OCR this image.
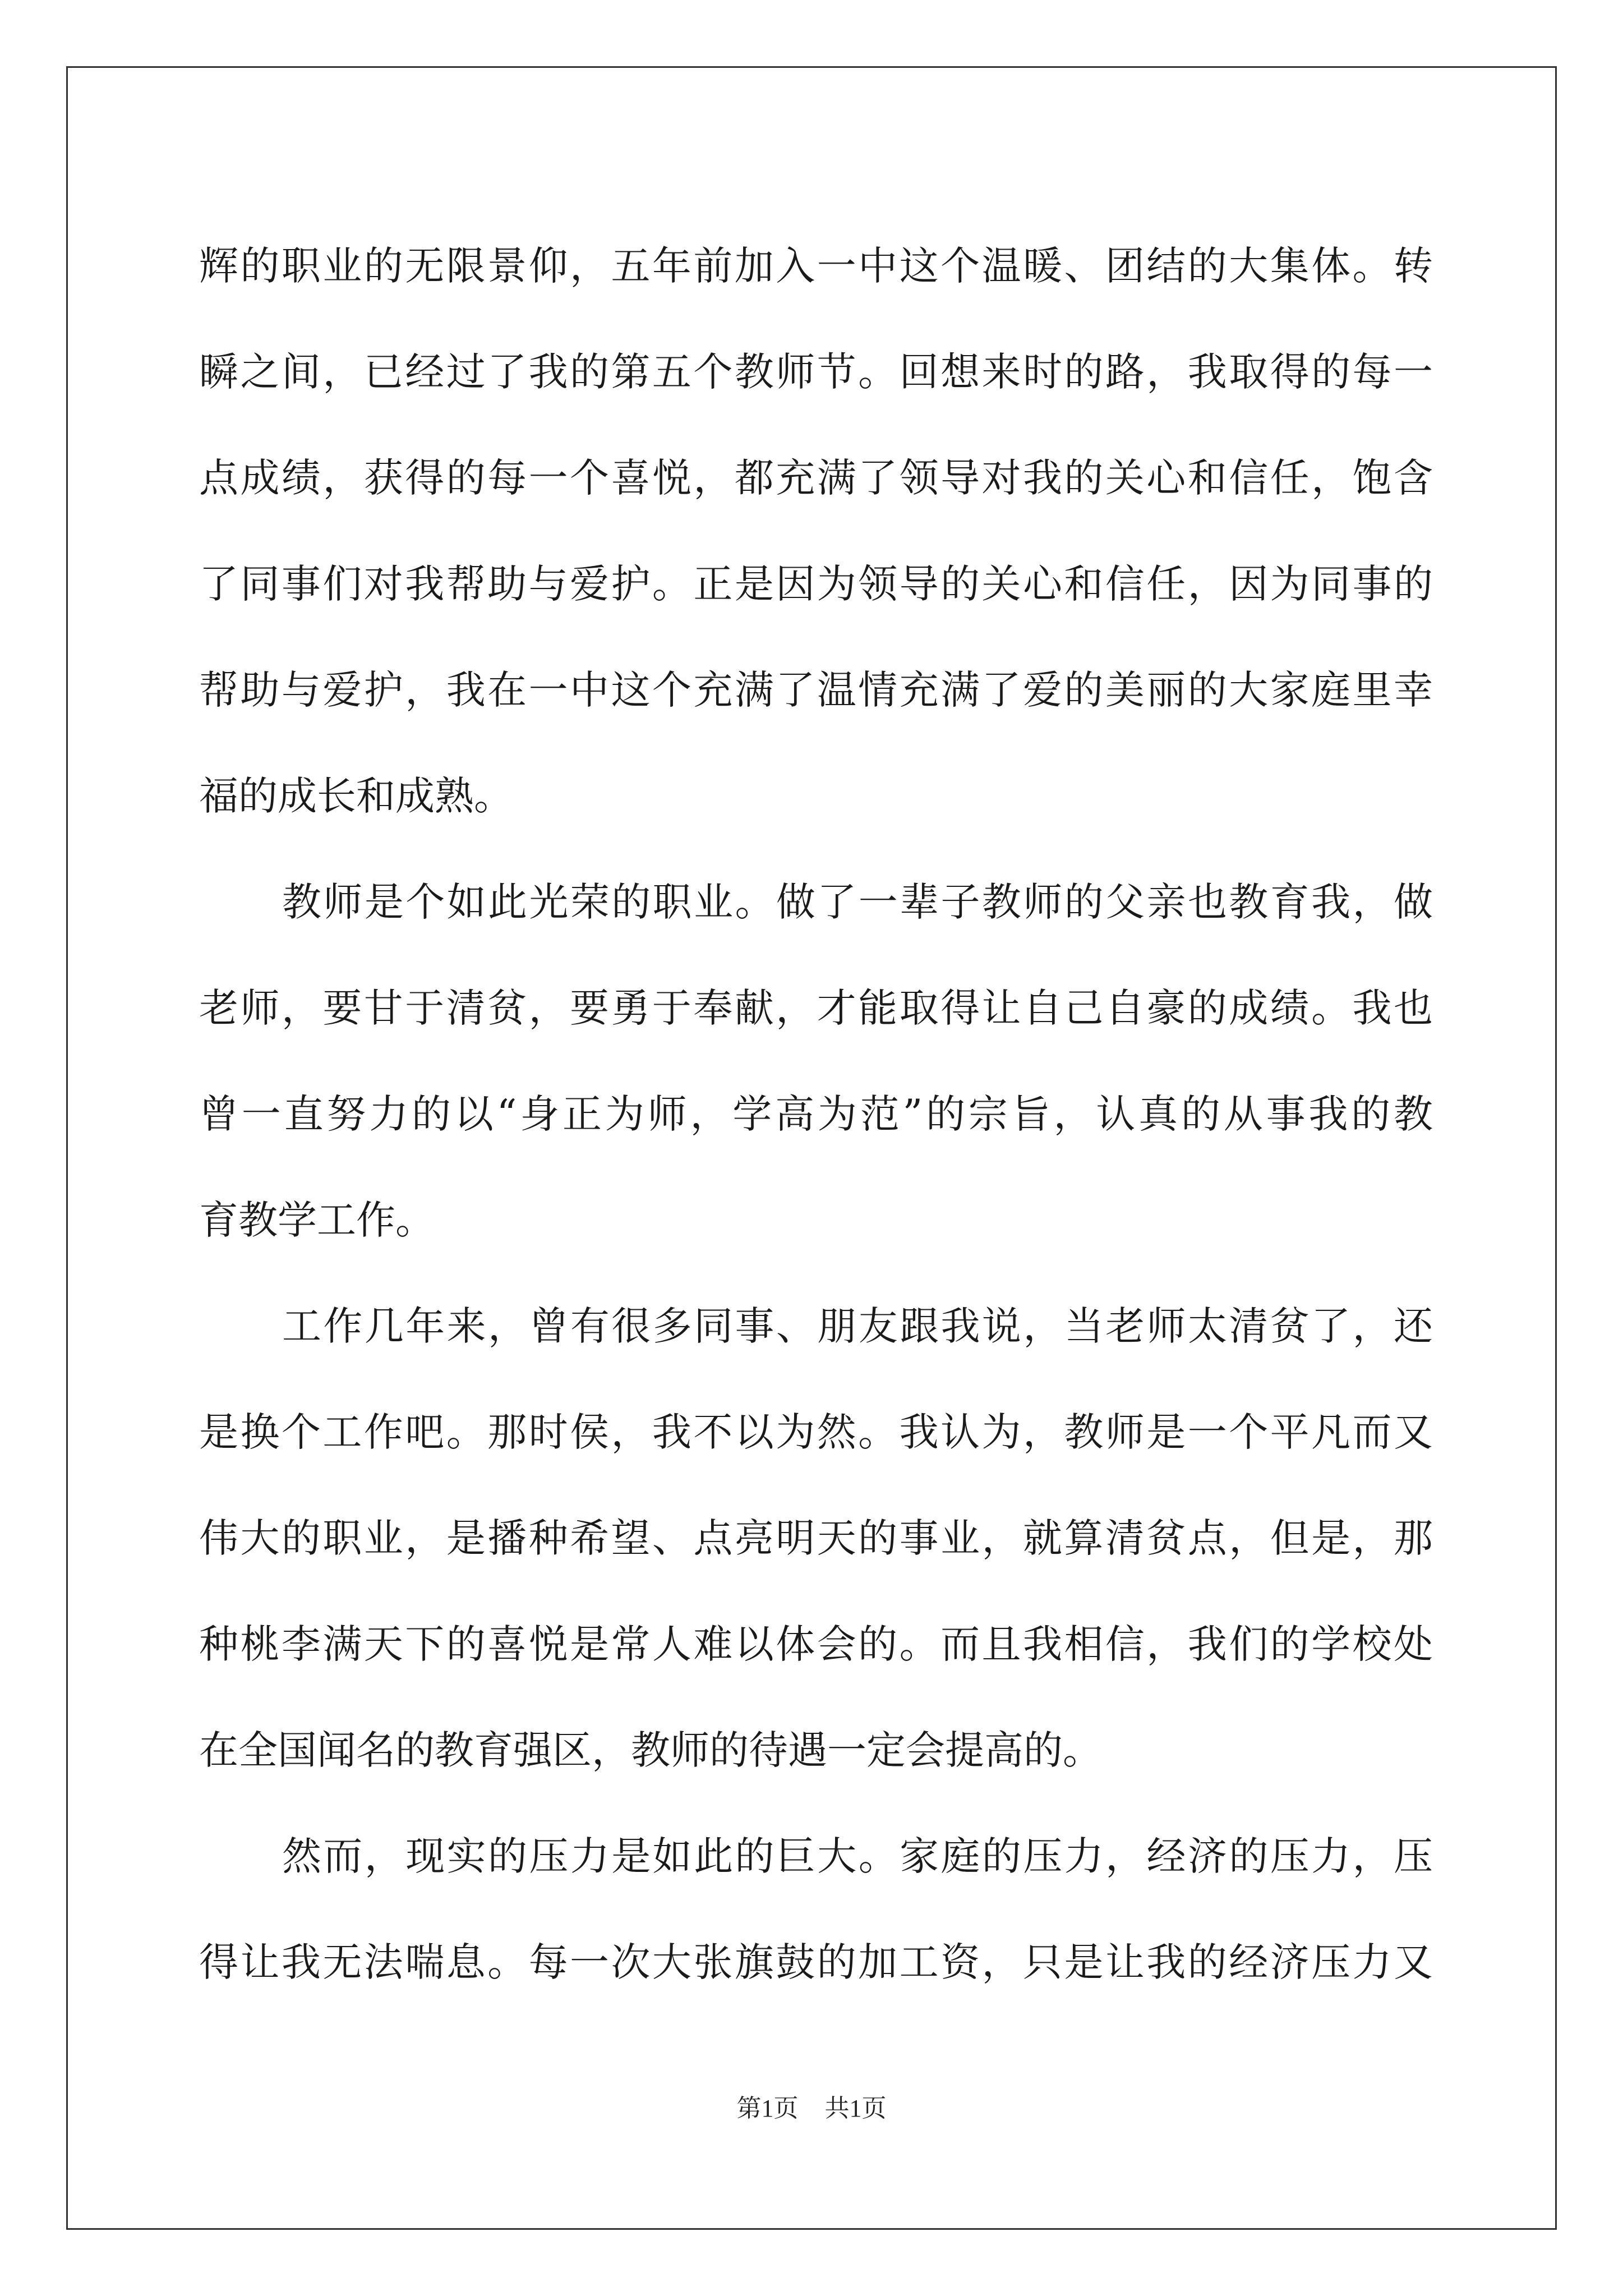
辉的职业的无限景仰，五年前加入一中这个温暖、团结的大集体。转
瞬之间，已经过了我的第五个教师节。回想来时的路，我取得的每一
点成绩，获得的每一个喜悦，都充满了领导对我的关心和信任，饱含
了同事们对我帮助与爱护。正是因为领导的关心和信任，因为同事的
帮助与爱护，我在一中这个充满了温情充满了爱的美丽的大家庭里幸
福的成长和成熟。
教师是个如此光荣的职业。做了一辈子教师的父亲也教育我，做
老师，要甘于清贫，要勇于奉献，才能取得让自己自豪的成绩。我也
曾一直努力的以“身正为师，学高为范”的宗旨，认真的从事我的教
育教学工作。
工作几年来，曾有很多同事、朋友跟我说，当老师太清贫了，还
是换个工作吧。那时侯，我不以为然。我认为，教师是一个平凡而又
伟大的职业，是播种希望、点亮明天的事业，就算清贫点，但是，那
种桃李满天下的喜悦是常人难以体会的。而且我相信，我们的学校处
在全国闻名的教育强区，教师的待遇一定会提高的。
然而，现实的压力是如此的巨大。家庭的压力，经济的压力，压
得让我无法喘息。每一次大张旗鼓的加工资，只是让我的经济压力又
第1页 共1页
